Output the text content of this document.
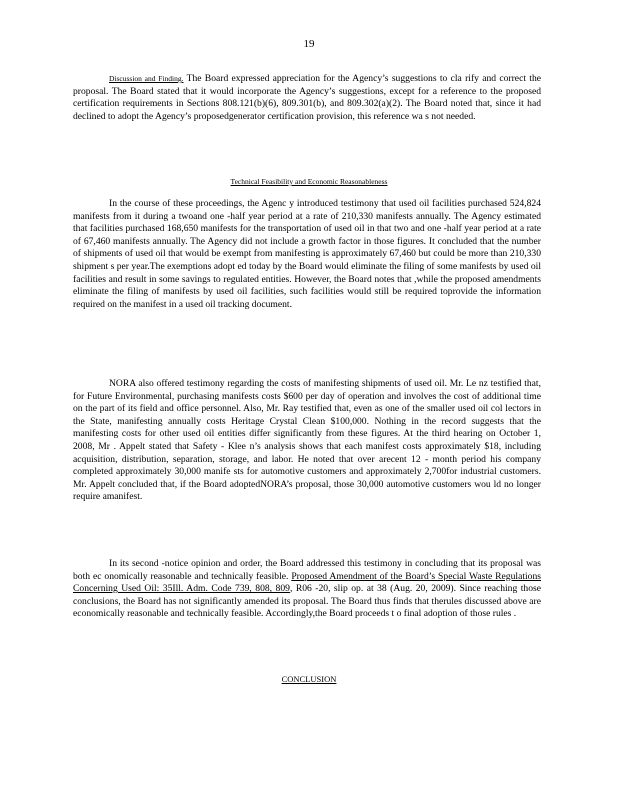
19

Discussion and Finding. The Board expressed appreciation for the Agency’s suggestions to cla rify and correct the proposal. The Board stated that it would incorporate the Agency’s suggestions, except for a reference to the proposed certification requirements in Sections 808.121(b)(6), 809.301(b), and 809.302(a)(2). The Board noted that, since it had declined to adopt the Agency’s proposedgenerator certification provision, this reference wa s not needed.

Technical Feasibility and Economic Reasonableness

In the course of these proceedings, the Agenc y introduced testimony that used oil facilities purchased 524,824 manifests from it during a twoand one -half year period at a rate of 210,330 manifests annually. The Agency estimated that facilities purchased 168,650 manifests for the transportation of used oil in that two and one -half year period at a rate of 67,460 manifests annually. The Agency did not include a growth factor in those figures. It concluded that the number of shipments of used oil that would be exempt from manifesting is approximately 67,460 but could be more than 210,330 shipment s per year.The exemptions adopt ed today by the Board would eliminate the filing of some manifests by used oil facilities and result in some savings to regulated entities. However, the Board notes that ,while the proposed amendments eliminate the filing of manifests by used oil facilities, such facilities would still be required toprovide the information required on the manifest in a used oil tracking document.

NORA also offered testimony regarding the costs of manifesting shipments of used oil. Mr. Le nz testified that, for Future Environmental, purchasing manifests costs $600 per day of operation and involves the cost of additional time on the part of its field and office personnel. Also, Mr. Ray testified that, even as one of the smaller used oil col lectors in the State, manifesting annually costs Heritage Crystal Clean $100,000. Nothing in the record suggests that the manifesting costs for other used oil entities differ significantly from these figures. At the third hearing on October 1, 2008, Mr . Appelt stated that Safety - Klee n’s analysis shows that each manifest costs approximately $18, including acquisition, distribution, separation, storage, and labor. He noted that over arecent 12 - month period his company completed approximately 30,000 manife sts for automotive customers and approximately 2,700for industrial customers. Mr. Appelt concluded that, if the Board adoptedNORA’s proposal, those 30,000 automotive customers wou ld no longer require amanifest.

In its second -notice opinion and order, the Board addressed this testimony in concluding that its proposal was both ec onomically reasonable and technically feasible. Proposed Amendment of the Board’s Special Waste Regulations Concerning Used Oil: 35Ill. Adm. Code 739, 808, 809, R06 -20, slip op. at 38 (Aug. 20, 2009). Since reaching those conclusions, the Board has not significantly amended its proposal. The Board thus finds that therules discussed above are economically reasonable and technically feasible. Accordingly,the Board proceeds t o final adoption of those rules .

CONCLUSION
